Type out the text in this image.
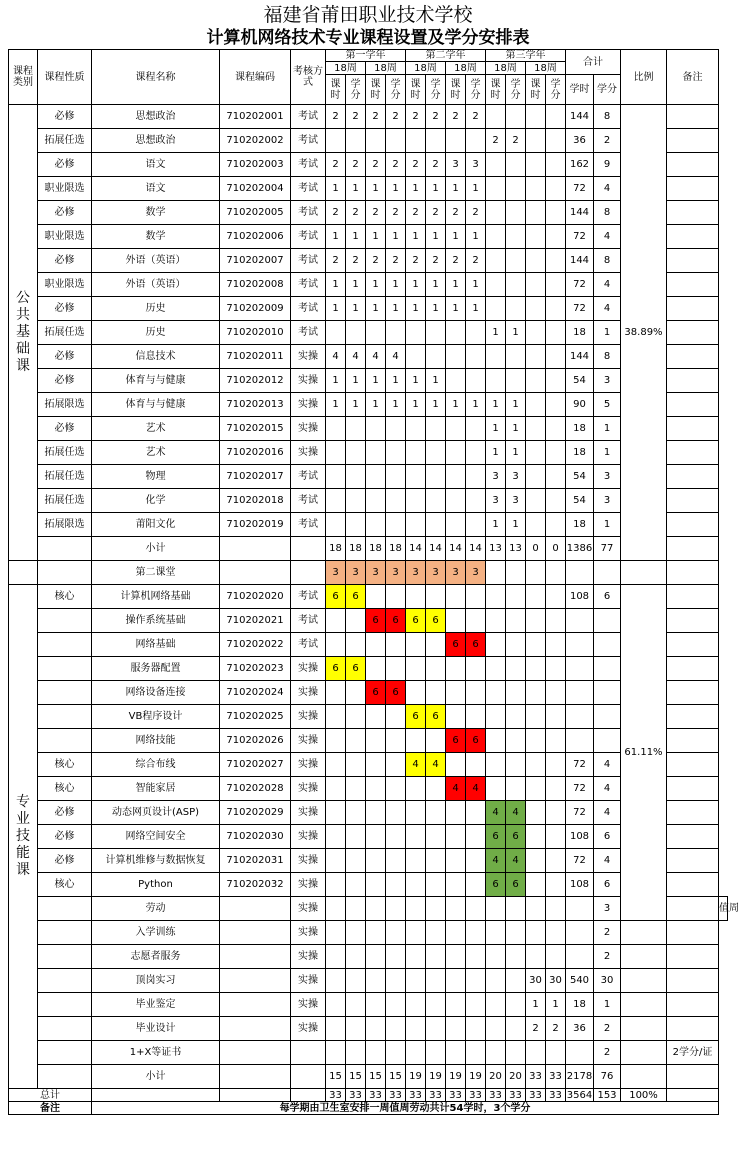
福建省莆田职业技术学校
计算机网络技术专业课程设置及学分安排表
课程类别	课程性质	课程名称	课程编码	考核方式	第一学年				第二学年				第三学年				合计		比例	备注	
					18周		18周		18周		18周		18周		18周						
					课时	学分	课时	学分	课时	学分	课时	学分	课时	学分	课时	学分	学时	学分			

公
共
基
础
课	必修	思想政治	710202001	考试	2	2	2	2	2	2	2	2					144	8	38.89%		
	拓展任选	思想政治	710202002	考试									2	2			36	2			
	必修	语文	710202003	考试	2	2	2	2	2	2	3	3					162	9			
	职业限选	语文	710202004	考试	1	1	1	1	1	1	1	1					72	4			
	必修	数学	710202005	考试	2	2	2	2	2	2	2	2					144	8			
	职业限选	数学	710202006	考试	1	1	1	1	1	1	1	1					72	4			
	必修	外语（英语）	710202007	考试	2	2	2	2	2	2	2	2					144	8			
	职业限选	外语（英语）	710202008	考试	1	1	1	1	1	1	1	1					72	4			
	必修	历史	710202009	考试	1	1	1	1	1	1	1	1					72	4			
	拓展任选	历史	710202010	考试									1	1			18	1			
	必修	信息技术	710202011	实操	4	4	4	4									144	8			
	必修	体育与与健康	710202012	实操	1	1	1	1	1	1							54	3			
	拓展限选	体育与与健康	710202013	实操	1	1	1	1	1	1	1	1	1	1			90	5			
	必修	艺术	710202015	实操									1	1			18	1			
	拓展任选	艺术	710202016	实操									1	1			18	1			
	拓展任选	物理	710202017	考试									3	3			54	3			
	拓展任选	化学	710202018	考试									3	3			54	3			
	拓展限选	莆阳文化	710202019	考试									1	1			18	1			
		小计			18	18	18	18	14	14	14	14	13	13	0	0	1386	77			
		第二课堂			3	3	3	3	3	3	3	3									

专
业
技
能
课	核心	计算机网络基础	710202020	考试	6	6											108	6	61.11%		
		操作系统基础	710202021	考试			6	6	6	6											
		网络基础	710202022	考试							6	6									
		服务器配置	710202023	实操	6	6															
		网络设备连接	710202024	实操			6	6													
		VB程序设计	710202025	实操					6	6											
		网络技能	710202026	实操							6	6									
	核心	综合布线	710202027	实操					4	4							72	4			
	核心	智能家居	710202028	实操							4	4					72	4			
	必修	动态网页设计(ASP)	710202029	实操									4	4			72	4			
	必修	网络空间安全	710202030	实操									6	6			108	6			
	必修	计算机维修与数据恢复	710202031	实操									4	4			72	4			
	核心	Python	710202032	实操									6	6			108	6			
		劳动		实操														3			值周
		入学训练		实操														2			
		志愿者服务		实操														2			
		顶岗实习		实操											30	30	540	30			
		毕业鉴定		实操											1	1	18	1			
		毕业设计		实操											2	2	36	2			
		1+X等证书																2		2学分/证	
		小计			15	15	15	15	19	19	19	19	20	20	33	33	2178	76			
总计					33	33	33	33	33	33	33	33	33	33	33	33	3564	153	100%		
备注		每学期由卫生室安排一周值周劳动共计54学时，3个学分																			
